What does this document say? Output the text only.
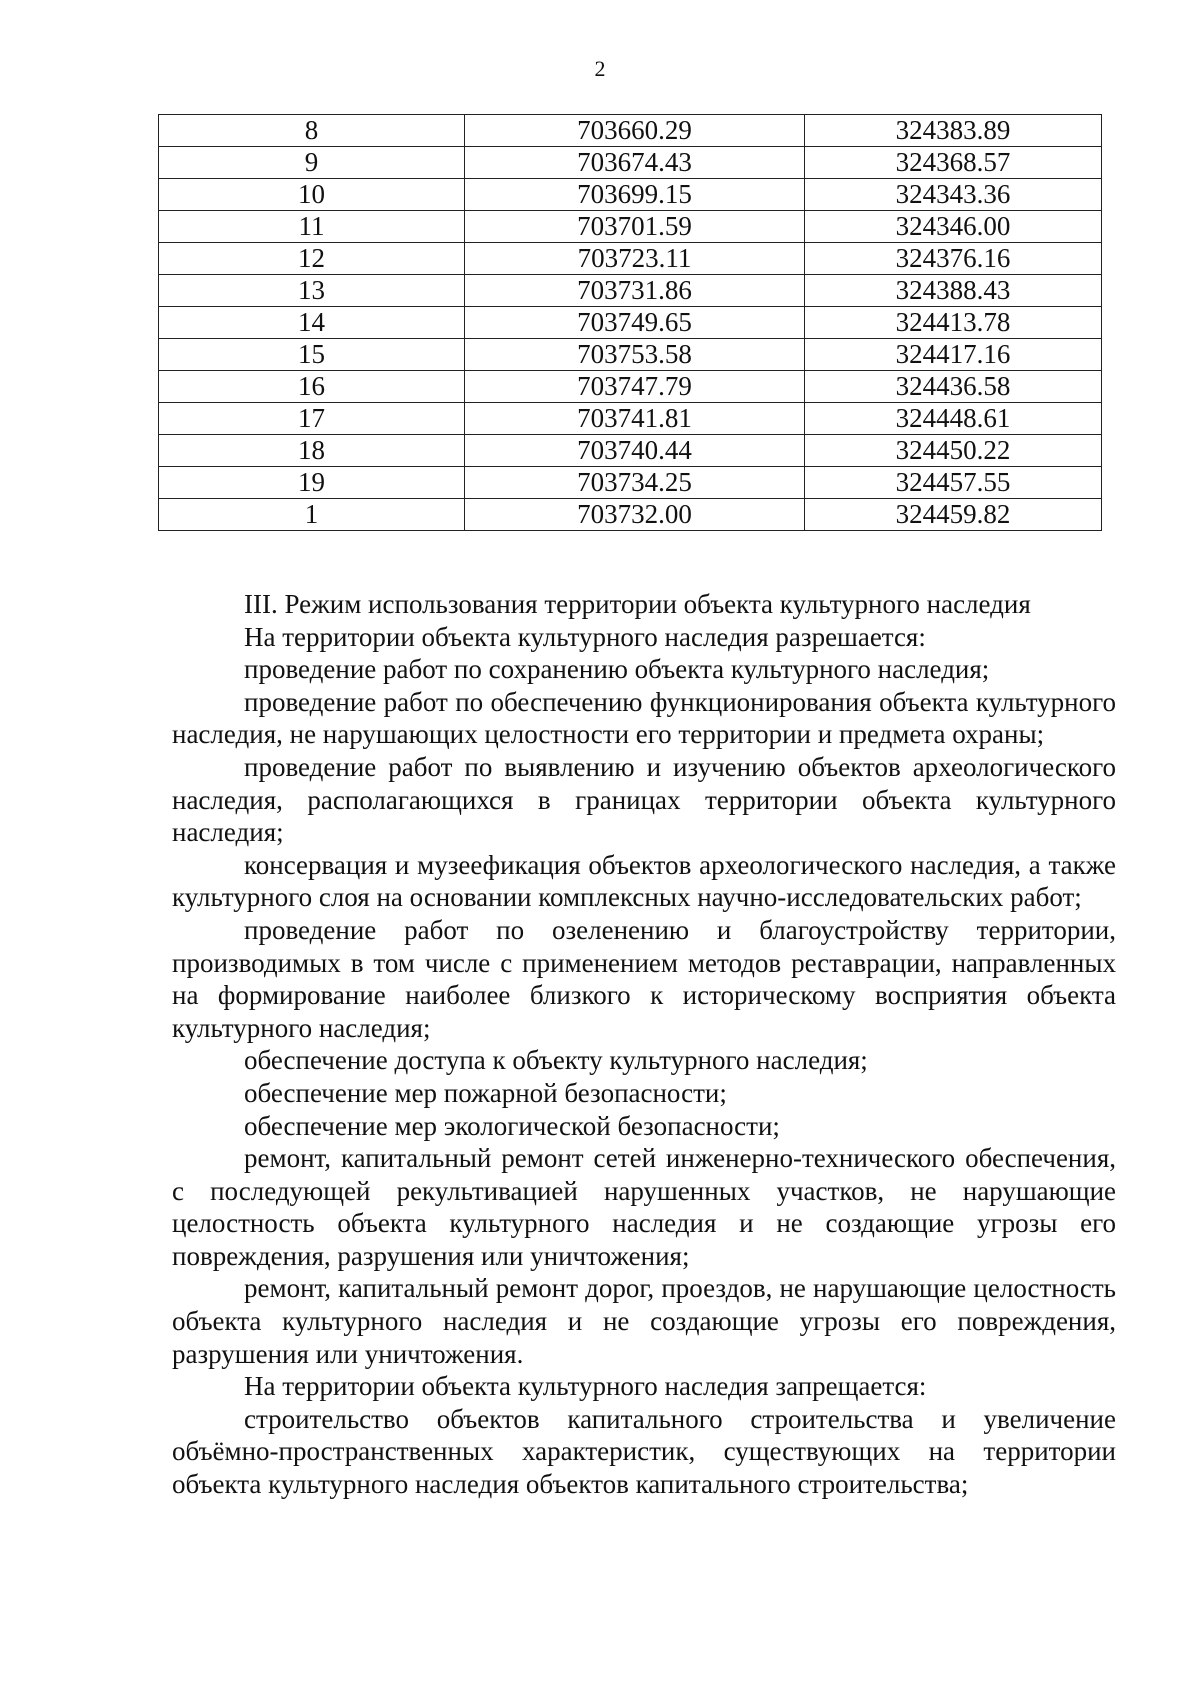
2
8	703660.29	324383.89
9	703674.43	324368.57
10	703699.15	324343.36
11	703701.59	324346.00
12	703723.11	324376.16
13	703731.86	324388.43
14	703749.65	324413.78
15	703753.58	324417.16
16	703747.79	324436.58
17	703741.81	324448.61
18	703740.44	324450.22
19	703734.25	324457.55
1	703732.00	324459.82

III. Режим использования территории объекта культурного наследия

На территории объекта культурного наследия разрешается:

проведение работ по сохранению объекта культурного наследия;

проведение работ по обеспечению функционирования объекта культурного наследия, не нарушающих целостности его территории и предмета охраны;

проведение работ по выявлению и изучению объектов археологического наследия, располагающихся в границах территории объекта культурного наследия;

консервация и музеефикация объектов археологического наследия, а также культурного слоя на основании комплексных научно-исследовательских работ;

проведение работ по озеленению и благоустройству территории, производимых в том числе с применением методов реставрации, направленных на формирование наиболее близкого к историческому восприятия объекта культурного наследия;

обеспечение доступа к объекту культурного наследия;

обеспечение мер пожарной безопасности;

обеспечение мер экологической безопасности;

ремонт, капитальный ремонт сетей инженерно-технического обеспечения, с последующей рекультивацией нарушенных участков, не нарушающие целостность объекта культурного наследия и не создающие угрозы его повреждения, разрушения или уничтожения;

ремонт, капитальный ремонт дорог, проездов, не нарушающие целостность объекта культурного наследия и не создающие угрозы его повреждения, разрушения или уничтожения.

На территории объекта культурного наследия запрещается:

строительство объектов капитального строительства и увеличение объёмно-пространственных характеристик, существующих на территории объекта культурного наследия объектов капитального строительства;
